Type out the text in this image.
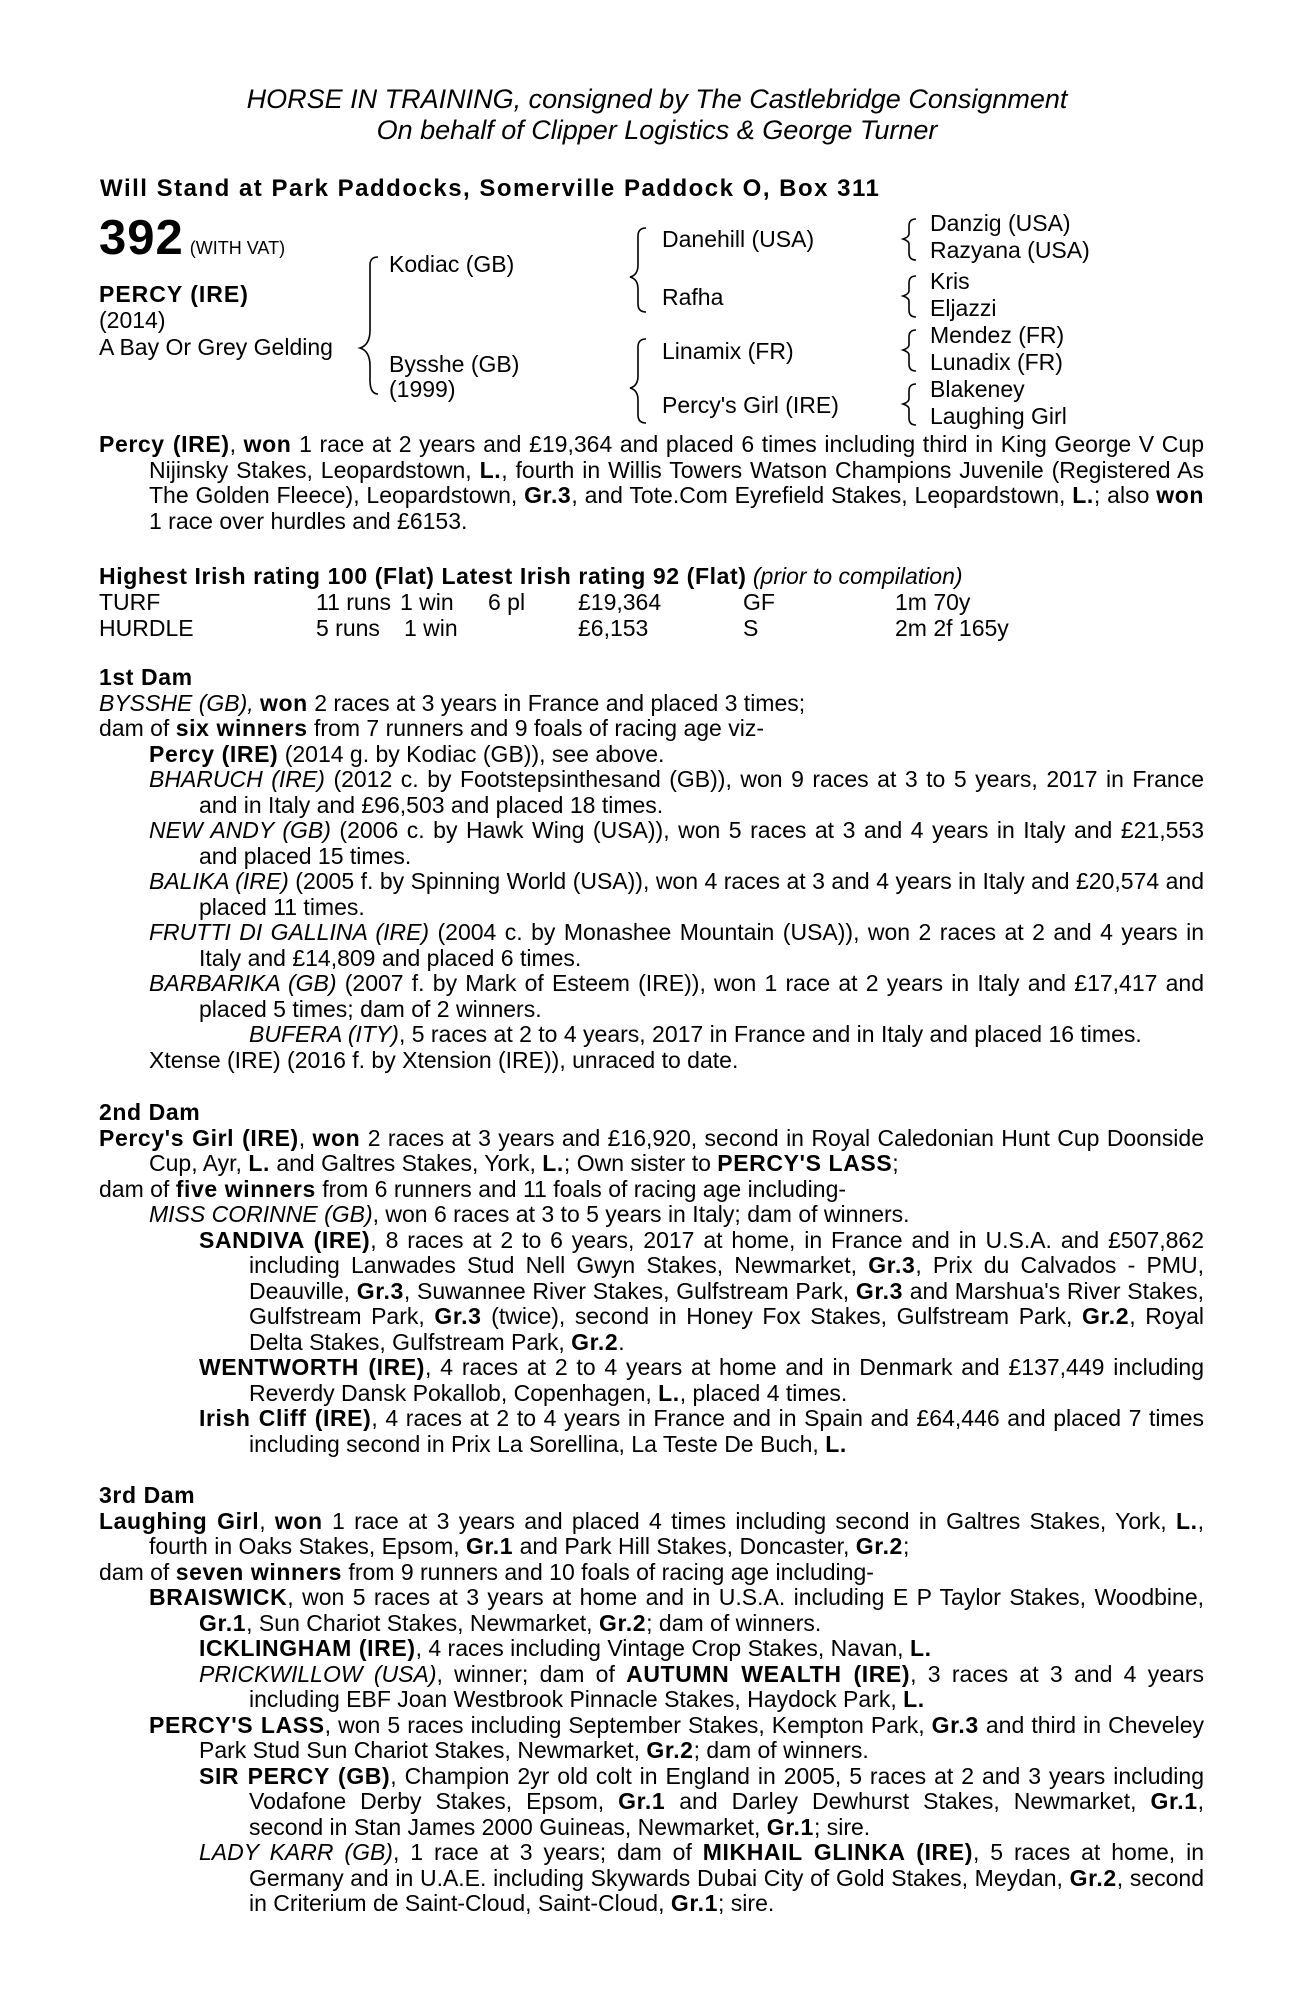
HORSE IN TRAINING, consigned by The Castlebridge Consignment
On behalf of Clipper Logistics & George Turner
Will Stand at Park Paddocks, Somerville Paddock O, Box 311
392 (WITH VAT)
PERCY (IRE)
(2014)
A Bay Or Grey Gelding
Kodiac (GB)
Bysshe (GB)
(1999)
Danehill (USA)
Rafha
Linamix (FR)
Percy's Girl (IRE)
Danzig (USA)
Razyana (USA)
Kris
Eljazzi
Mendez (FR)
Lunadix (FR)
Blakeney
Laughing Girl
Percy (IRE), won 1 race at 2 years and £19,364 and placed 6 times including third in King George V Cup Nijinsky Stakes, Leopardstown, L., fourth in Willis Towers Watson Champions Juvenile (Registered As The Golden Fleece), Leopardstown, Gr.3, and Tote.Com Eyrefield Stakes, Leopardstown, L.; also won 1 race over hurdles and £6153.
Highest Irish rating 100 (Flat) Latest Irish rating 92 (Flat) (prior to compilation)
TURF	11 runs 1 win 6 pl £19,364	GF	1m 70y
HURDLE	5 runs 1 win	£6,153	S	2m 2f 165y
1st Dam
BYSSHE (GB), won 2 races at 3 years in France and placed 3 times;
dam of six winners from 7 runners and 9 foals of racing age viz-
Percy (IRE) (2014 g. by Kodiac (GB)), see above.
BHARUCH (IRE) (2012 c. by Footstepsinthesand (GB)), won 9 races at 3 to 5 years, 2017 in France and in Italy and £96,503 and placed 18 times.
NEW ANDY (GB) (2006 c. by Hawk Wing (USA)), won 5 races at 3 and 4 years in Italy and £21,553 and placed 15 times.
BALIKA (IRE) (2005 f. by Spinning World (USA)), won 4 races at 3 and 4 years in Italy and £20,574 and placed 11 times.
FRUTTI DI GALLINA (IRE) (2004 c. by Monashee Mountain (USA)), won 2 races at 2 and 4 years in Italy and £14,809 and placed 6 times.
BARBARIKA (GB) (2007 f. by Mark of Esteem (IRE)), won 1 race at 2 years in Italy and £17,417 and placed 5 times; dam of 2 winners.
BUFERA (ITY), 5 races at 2 to 4 years, 2017 in France and in Italy and placed 16 times.
Xtense (IRE) (2016 f. by Xtension (IRE)), unraced to date.
2nd Dam
Percy's Girl (IRE), won 2 races at 3 years and £16,920, second in Royal Caledonian Hunt Cup Doonside Cup, Ayr, L. and Galtres Stakes, York, L.; Own sister to PERCY'S LASS;
dam of five winners from 6 runners and 11 foals of racing age including-
MISS CORINNE (GB), won 6 races at 3 to 5 years in Italy; dam of winners.
SANDIVA (IRE), 8 races at 2 to 6 years, 2017 at home, in France and in U.S.A. and £507,862 including Lanwades Stud Nell Gwyn Stakes, Newmarket, Gr.3, Prix du Calvados - PMU, Deauville, Gr.3, Suwannee River Stakes, Gulfstream Park, Gr.3 and Marshua's River Stakes, Gulfstream Park, Gr.3 (twice), second in Honey Fox Stakes, Gulfstream Park, Gr.2, Royal Delta Stakes, Gulfstream Park, Gr.2.
WENTWORTH (IRE), 4 races at 2 to 4 years at home and in Denmark and £137,449 including Reverdy Dansk Pokallob, Copenhagen, L., placed 4 times.
Irish Cliff (IRE), 4 races at 2 to 4 years in France and in Spain and £64,446 and placed 7 times including second in Prix La Sorellina, La Teste De Buch, L.
3rd Dam
Laughing Girl, won 1 race at 3 years and placed 4 times including second in Galtres Stakes, York, L., fourth in Oaks Stakes, Epsom, Gr.1 and Park Hill Stakes, Doncaster, Gr.2;
dam of seven winners from 9 runners and 10 foals of racing age including-
BRAISWICK, won 5 races at 3 years at home and in U.S.A. including E P Taylor Stakes, Woodbine, Gr.1, Sun Chariot Stakes, Newmarket, Gr.2; dam of winners.
ICKLINGHAM (IRE), 4 races including Vintage Crop Stakes, Navan, L.
PRICKWILLOW (USA), winner; dam of AUTUMN WEALTH (IRE), 3 races at 3 and 4 years including EBF Joan Westbrook Pinnacle Stakes, Haydock Park, L.
PERCY'S LASS, won 5 races including September Stakes, Kempton Park, Gr.3 and third in Cheveley Park Stud Sun Chariot Stakes, Newmarket, Gr.2; dam of winners.
SIR PERCY (GB), Champion 2yr old colt in England in 2005, 5 races at 2 and 3 years including Vodafone Derby Stakes, Epsom, Gr.1 and Darley Dewhurst Stakes, Newmarket, Gr.1, second in Stan James 2000 Guineas, Newmarket, Gr.1; sire.
LADY KARR (GB), 1 race at 3 years; dam of MIKHAIL GLINKA (IRE), 5 races at home, in Germany and in U.A.E. including Skywards Dubai City of Gold Stakes, Meydan, Gr.2, second in Criterium de Saint-Cloud, Saint-Cloud, Gr.1; sire.
